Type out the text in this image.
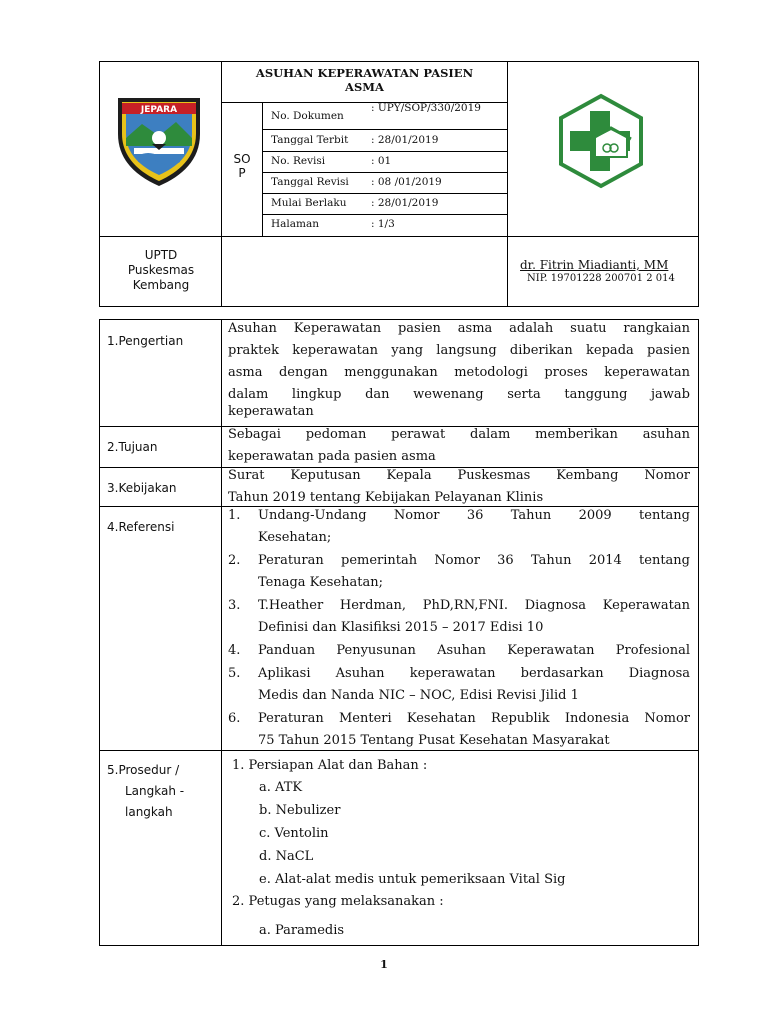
JEPARA
ASUHAN KEPERAWATAN PASIEN
ASMA
SO
P
No. Dokumen
: UPY/SOP/330/2019
Tanggal Terbit : 28/01/2019
No. Revisi	: 01
Tanggal Revisi : 08 /01/2019
Mulai Berlaku : 28/01/2019
Halaman	: 1/3
UPTD
Puskesmas
Kembang
dr. Fitrin Miadianti, MM
NIP. 19701228 200701 2 014
1.Pengertian
Asuhan Keperawatan pasien asma adalah suatu rangkaian
praktek keperawatan yang langsung diberikan kepada pasien
asma dengan menggunakan metodologi proses keperawatan
dalam lingkup dan wewenang serta tanggung jawab
keperawatan
2.Tujuan
Sebagai pedoman perawat dalam memberikan asuhan
keperawatan pada pasien asma
3.Kebijakan
Surat Keputusan Kepala Puskesmas Kembang Nomor
Tahun 2019 tentang Kebijakan Pelayanan Klinis
4.Referensi
1.	Undang-Undang Nomor 36 Tahun 2009 tentang
Kesehatan;
2.	Peraturan pemerintah Nomor 36 Tahun 2014 tentang
Tenaga Kesehatan;
3.	T.Heather Herdman, PhD,RN,FNI. Diagnosa Keperawatan
Definisi dan Klasifiksi 2015 – 2017 Edisi 10
4.	Panduan Penyusunan Asuhan Keperawatan Profesional
5.	Aplikasi Asuhan keperawatan berdasarkan Diagnosa
Medis dan Nanda NIC – NOC, Edisi Revisi Jilid 1
6.	Peraturan Menteri Kesehatan Republik Indonesia Nomor
75 Tahun 2015 Tentang Pusat Kesehatan Masyarakat
5.Prosedur /
Langkah -
langkah
1. Persiapan Alat dan Bahan :
a. ATK
b. Nebulizer
c. Ventolin
d. NaCL
e. Alat-alat medis untuk pemeriksaan Vital Sig
2. Petugas yang melaksanakan :
a. Paramedis
1
